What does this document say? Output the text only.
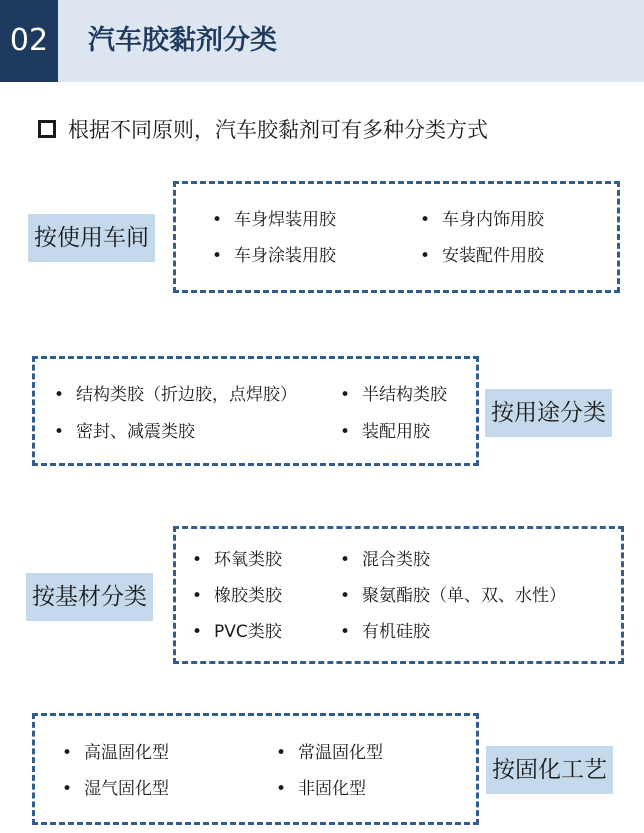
02	汽车胶黏剂分类
根据不同原则，汽车胶黏剂可有多种分类方式
按使用车间
• 车身焊装用胶	• 车身内饰用胶
• 车身涂装用胶	• 安装配件用胶
按用途分类
• 结构类胶（折边胶，点焊胶）	• 半结构类胶
• 密封、减震类胶	• 装配用胶
按基材分类
• 环氧类胶	• 混合类胶
• 橡胶类胶	• 聚氨酯胶（单、双、水性）
• PVC类胶	• 有机硅胶
按固化工艺
• 高温固化型	• 常温固化型
• 湿气固化型	• 非固化型
